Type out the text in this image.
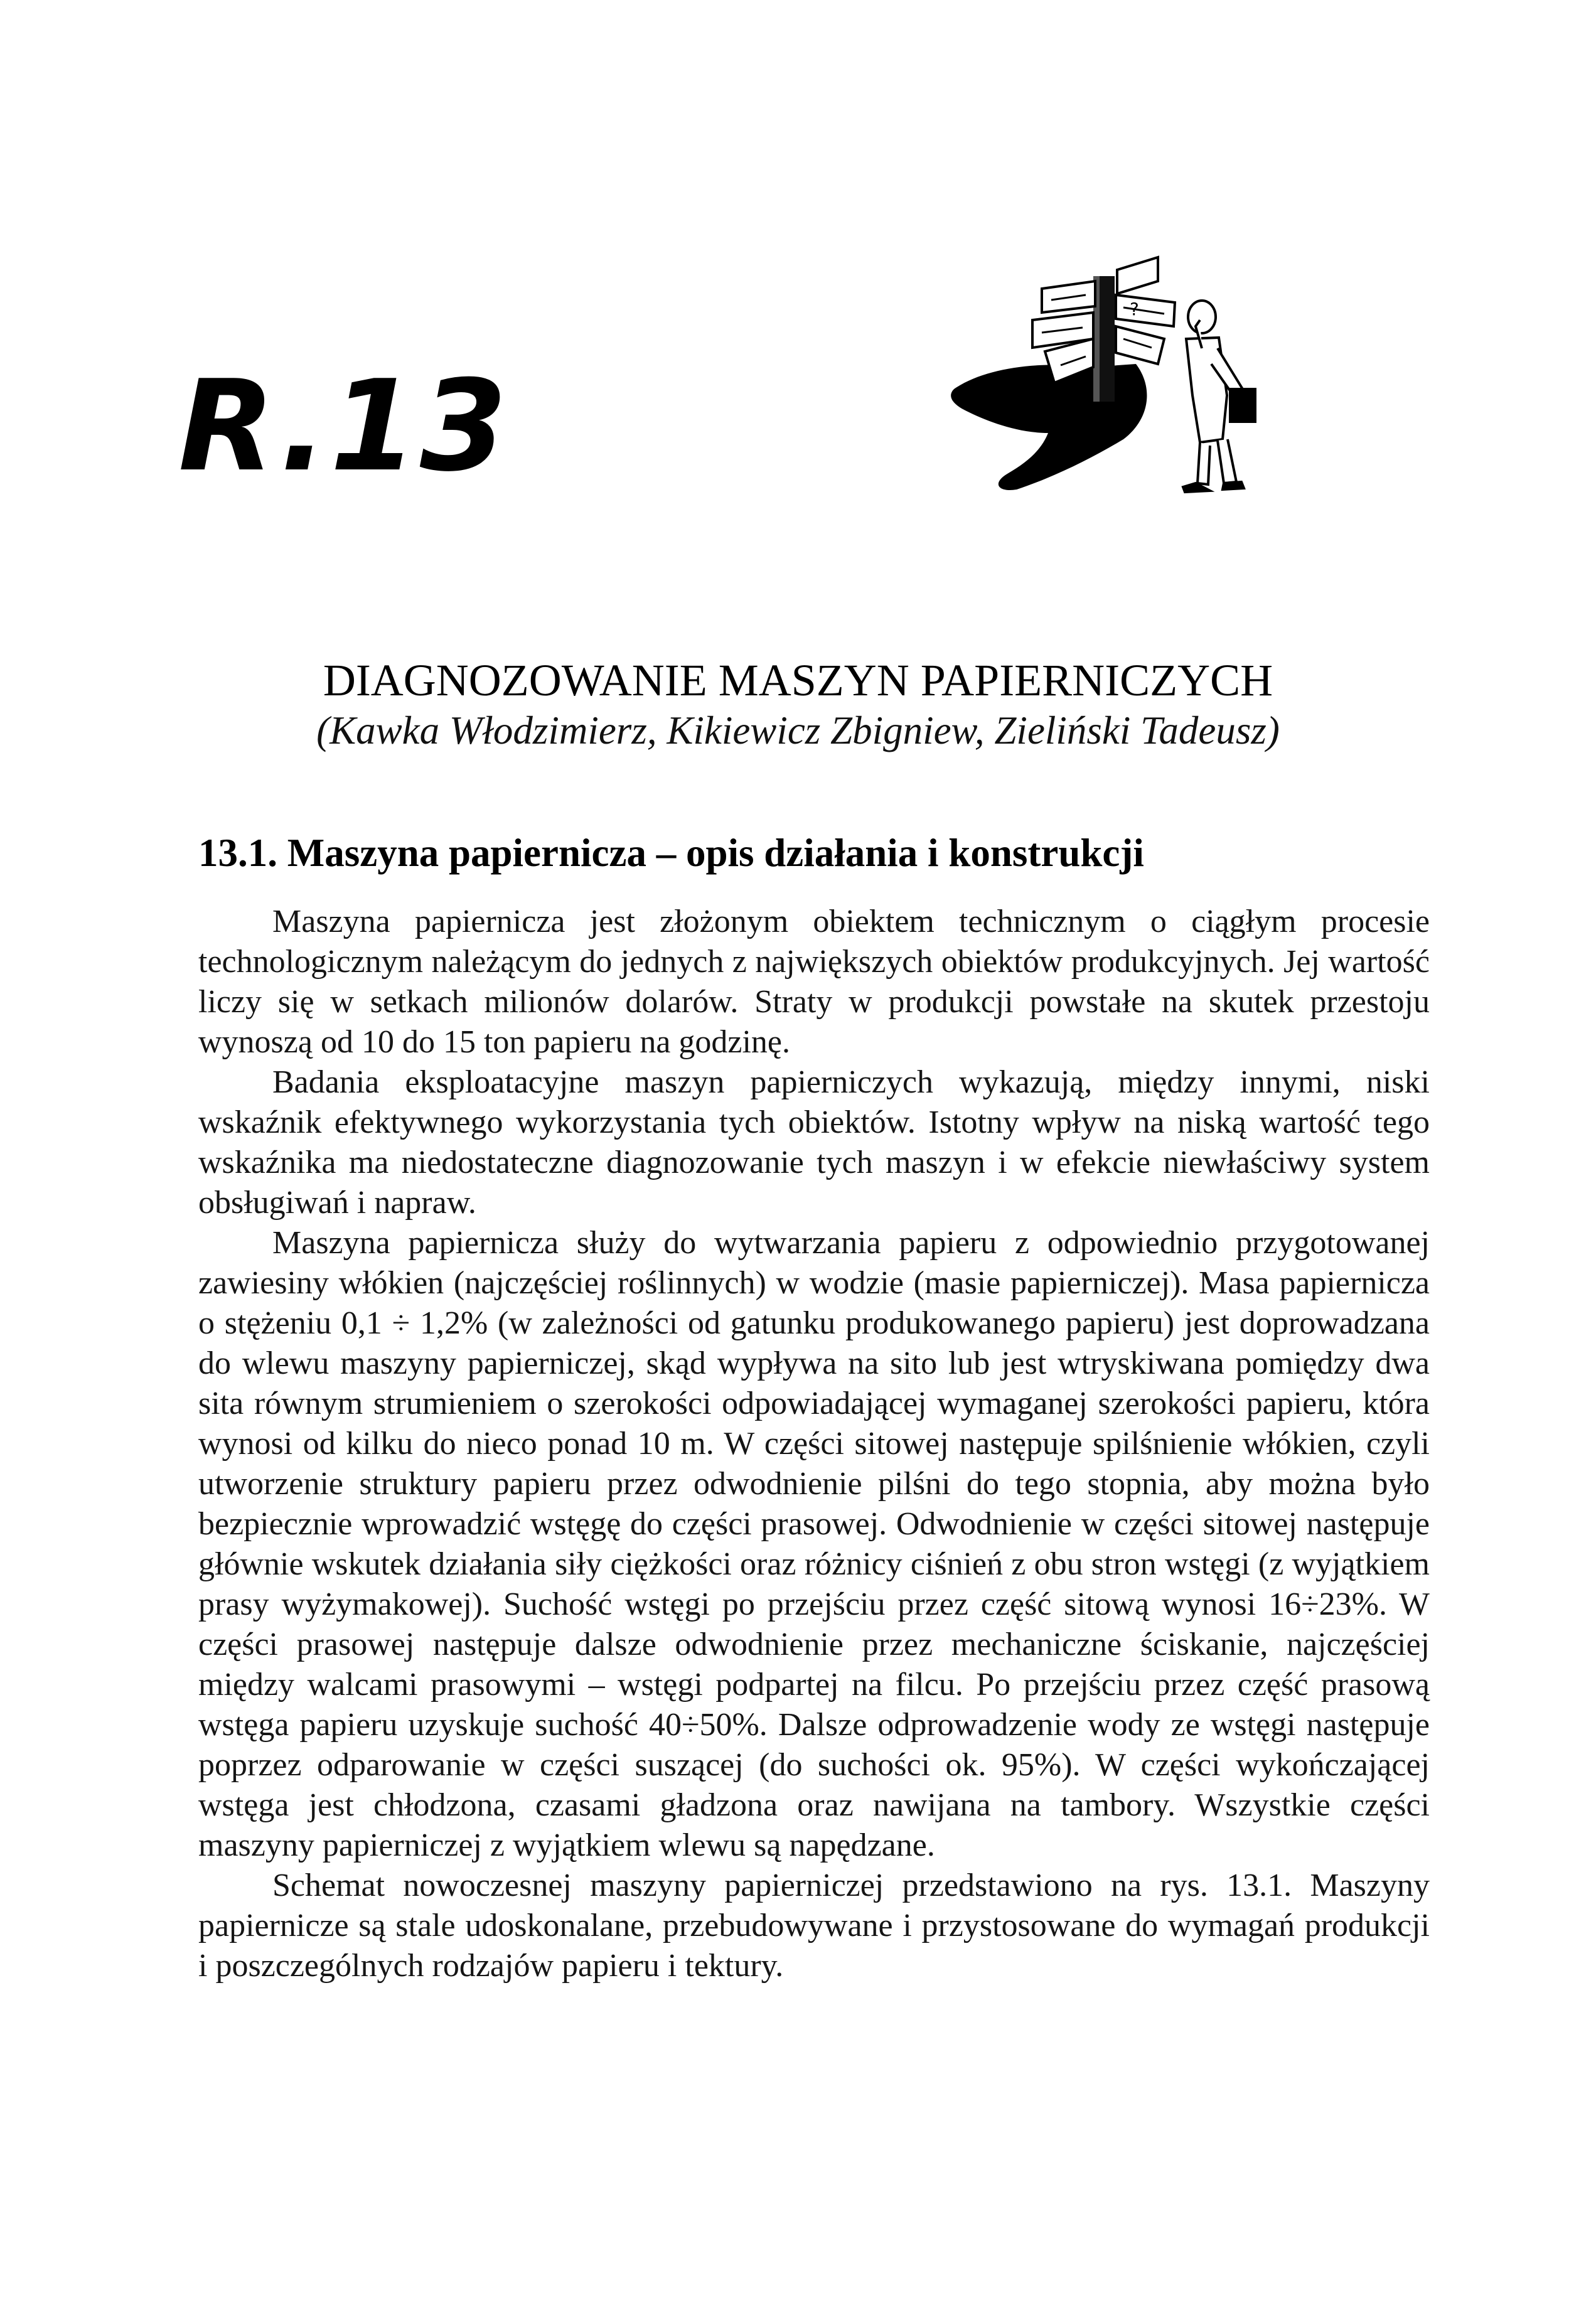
R.13
?
DIAGNOZOWANIE MASZYN PAPIERNICZYCH
(Kawka Włodzimierz, Kikiewicz Zbigniew, Zieliński Tadeusz)
13.1. Maszyna papiernicza – opis działania i konstrukcji

Maszyna papiernicza jest złożonym obiektem technicznym o ciągłym procesie technologicznym należącym do jednych z największych obiektów produkcyjnych. Jej wartość liczy się w setkach milionów dolarów. Straty w produkcji powstałe na skutek przestoju wynoszą od 10 do 15 ton papieru na godzinę.

Badania eksploatacyjne maszyn papierniczych wykazują, między innymi, niski wskaźnik efektywnego wykorzystania tych obiektów. Istotny wpływ na niską wartość tego wskaźnika ma niedostateczne diagnozowanie tych maszyn i w efekcie niewłaściwy system obsługiwań i napraw.

Maszyna papiernicza służy do wytwarzania papieru z odpowiednio przygotowanej zawiesiny włókien (najczęściej roślinnych) w wodzie (masie papierniczej). Masa papiernicza o stężeniu 0,1 ÷ 1,2% (w zależności od gatunku produkowanego papieru) jest doprowadzana do wlewu maszyny papierniczej, skąd wypływa na sito lub jest wtryskiwana pomiędzy dwa sita równym strumieniem o szerokości odpowiadającej wymaganej szerokości papieru, która wynosi od kilku do nieco ponad 10 m. W części sitowej następuje spilśnienie włókien, czyli utworzenie struktury papieru przez odwodnienie pilśni do tego stopnia, aby można było bezpiecznie wprowadzić wstęgę do części prasowej. Odwodnienie w części sitowej następuje głównie wskutek działania siły ciężkości oraz różnicy ciśnień z obu stron wstęgi (z wyjątkiem prasy wyżymakowej). Suchość wstęgi po przejściu przez część sitową wynosi 16÷23%. W części prasowej następuje dalsze odwodnienie przez mechaniczne ściskanie, najczęściej między walcami prasowymi – wstęgi podpartej na filcu. Po przejściu przez część prasową wstęga papieru uzyskuje suchość 40÷50%. Dalsze odprowadzenie wody ze wstęgi następuje poprzez odparowanie w części suszącej (do suchości ok. 95%). W części wykończającej wstęga jest chłodzona, czasami gładzona oraz nawijana na tambory. Wszystkie części maszyny papierniczej z wyjątkiem wlewu są napędzane.

Schemat nowoczesnej maszyny papierniczej przedstawiono na rys. 13.1. Maszyny papiernicze są stale udoskonalane, przebudowywane i przystosowane do wymagań produkcji i poszczególnych rodzajów papieru i tektury.
